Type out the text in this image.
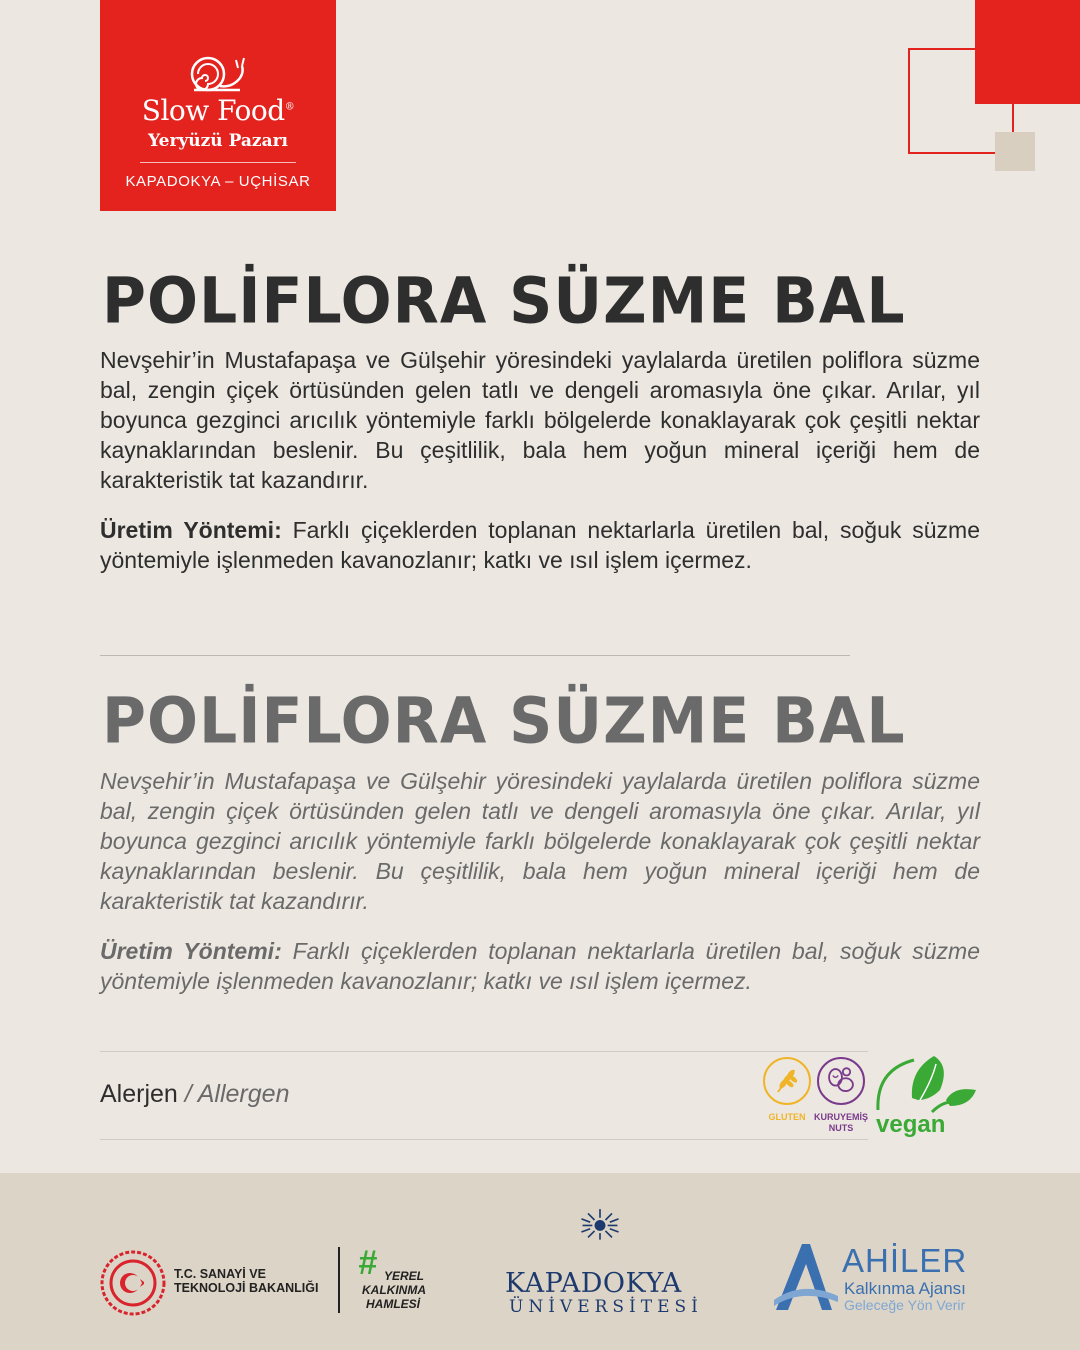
Slow Food®
Yeryüzü Pazarı
KAPADOKYA – UÇHİSAR
POLİFLORA SÜZME BAL

Nevşehir’in Mustafapaşa ve Gülşehir yöresindeki yaylalarda üretilen poliflora süzme bal, zengin çiçek örtüsünden gelen tatlı ve dengeli aromasıyla öne çıkar. Arılar, yıl boyunca gezginci arıcılık yöntemiyle farklı bölgelerde konaklayarak çok çeşitli nektar kaynaklarından beslenir. Bu çeşitlilik, bala hem yoğun mineral içeriği hem de karakteristik tat kazandırır.

Üretim Yöntemi: Farklı çiçeklerden toplanan nektarlarla üretilen bal, soğuk süzme yöntemiyle işlenmeden kavanozlanır; katkı ve ısıl işlem içermez.

POLİFLORA SÜZME BAL

Nevşehir’in Mustafapaşa ve Gülşehir yöresindeki yaylalarda üretilen poliflora süzme bal, zengin çiçek örtüsünden gelen tatlı ve dengeli aromasıyla öne çıkar. Arılar, yıl boyunca gezginci arıcılık yöntemiyle farklı bölgelerde konaklayarak çok çeşitli nektar kaynaklarından beslenir. Bu çeşitlilik, bala hem yoğun mineral içeriği hem de karakteristik tat kazandırır.

Üretim Yöntemi: Farklı çiçeklerden toplanan nektarlarla üretilen bal, soğuk süzme yöntemiyle işlenmeden kavanozlanır; katkı ve ısıl işlem içermez.

Alerjen / Allergen
GLUTEN KURUYEMİŞ
NUTS vegan
T.C. SANAYİ VE
TEKNOLOJİ BAKANLIĞI
# YEREL
KALKINMA
HAMLESİ
KAPADOKYA
ÜNİVERSİTESİ
AHİLER
Kalkınma Ajansı
Geleceğe Yön Verir
